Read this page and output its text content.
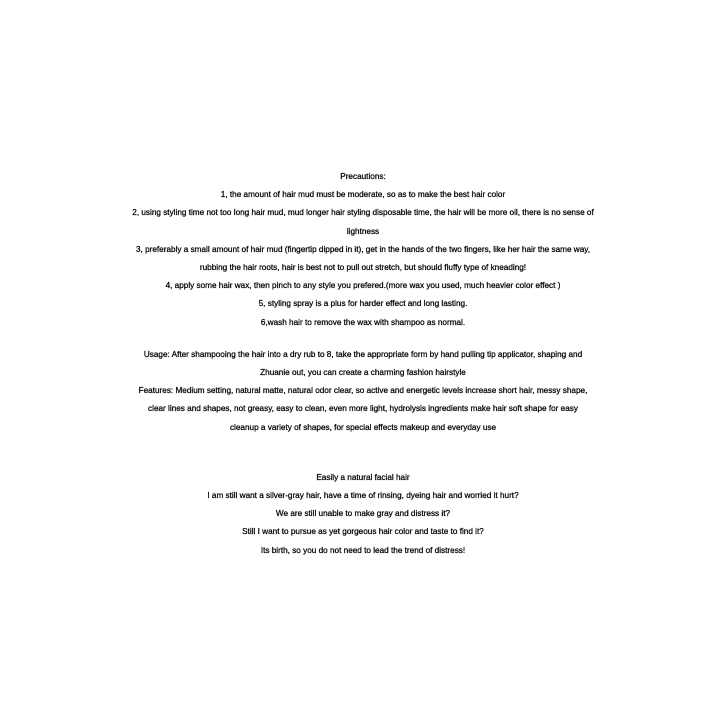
Precautions:
1, the amount of hair mud must be moderate, so as to make the best hair color
2, using styling time not too long hair mud, mud longer hair styling disposable time, the hair will be more oil, there is no sense of
lightness
3, preferably a small amount of hair mud (fingertip dipped in it), get in the hands of the two fingers, like her hair the same way,
rubbing the hair roots, hair is best not to pull out stretch, but should fluffy type of kneading!
4, apply some hair wax, then pinch to any style you prefered.(more wax you used, much heavier color effect )
5, styling spray is a plus for harder effect and long lasting.
6,wash hair to remove the wax with shampoo as normal.
Usage: After shampooing the hair into a dry rub to 8, take the appropriate form by hand pulling tip applicator, shaping and
Zhuanie out, you can create a charming fashion hairstyle
Features: Medium setting, natural matte, natural odor clear, so active and energetic levels increase short hair, messy shape,
clear lines and shapes, not greasy, easy to clean, even more light, hydrolysis ingredients make hair soft shape for easy
cleanup a variety of shapes, for special effects makeup and everyday use
Easily a natural facial hair
I am still want a silver-gray hair, have a time of rinsing, dyeing hair and worried it hurt?
We are still unable to make gray and distress it?
Still I want to pursue as yet gorgeous hair color and taste to find it?
Its birth, so you do not need to lead the trend of distress!
